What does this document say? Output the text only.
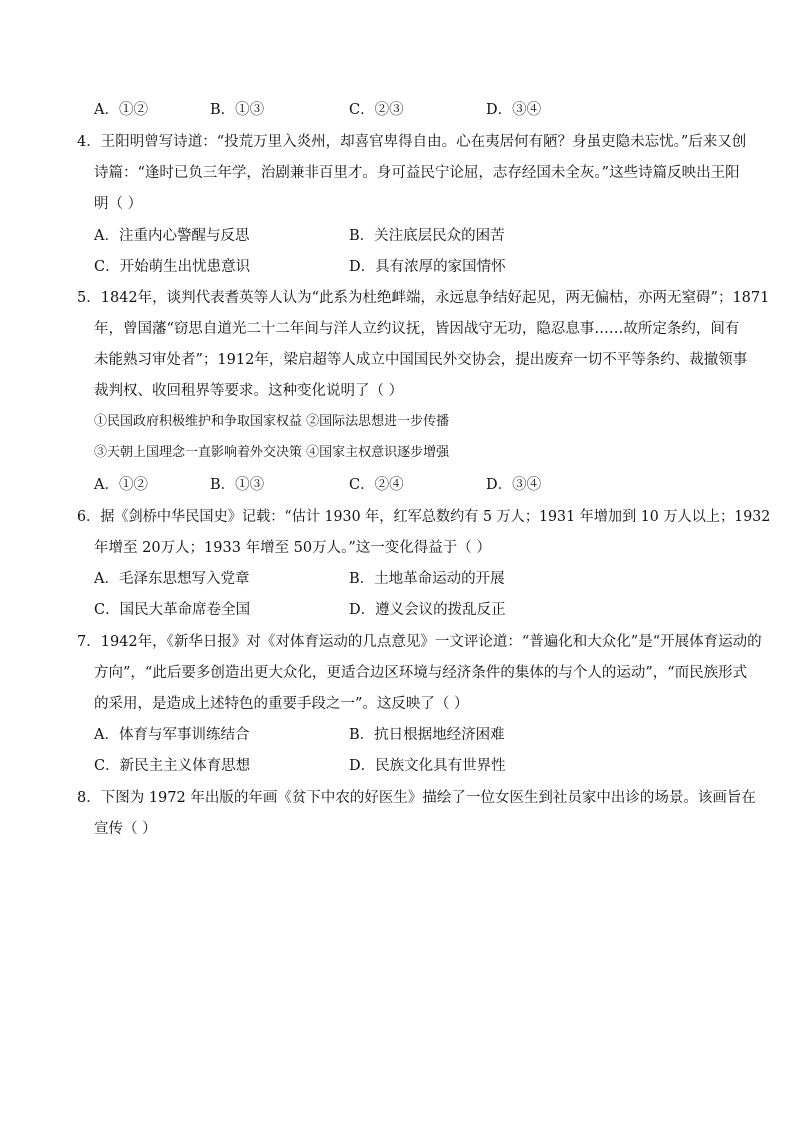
A．①②	B．①③	C．②③	D．③④
4．王阳明曾写诗道：“投荒万里入炎州，却喜官卑得自由。心在夷居何有陋？身虽吏隐未忘忧。”后来又创
诗篇：“逢时已负三年学，治剧兼非百里才。身可益民宁论屈，志存经国未全灰。”这些诗篇反映出王阳
明（ ）
A．注重内心警醒与反思	B．关注底层民众的困苦
C．开始萌生出忧患意识	D．具有浓厚的家国情怀
5．1842年，谈判代表耆英等人认为“此系为杜绝衅端，永远息争结好起见，两无偏枯，亦两无窒碍”；1871
年，曾国藩“窃思自道光二十二年间与洋人立约议抚，皆因战守无功，隐忍息事……故所定条约，间有
未能熟习审处者”；1912年，梁启超等人成立中国国民外交协会，提出废弃一切不平等条约、裁撤领事
裁判权、收回租界等要求。这种变化说明了（ ）
①民国政府积极维护和争取国家权益 ②国际法思想进一步传播
③天朝上国理念一直影响着外交决策 ④国家主权意识逐步增强
A．①②	B．①③	C．②④	D．③④
6．据《剑桥中华民国史》记载：“估计 1930 年，红军总数约有 5 万人；1931 年增加到 10 万人以上；1932
年增至 20万人；1933 年增至 50万人。”这一变化得益于（ ）
A．毛泽东思想写入党章	B．土地革命运动的开展
C．国民大革命席卷全国	D．遵义会议的拨乱反正
7．1942年，《新华日报》对《对体育运动的几点意见》一文评论道：“普遍化和大众化”是“开展体育运动的
方向”，“此后要多创造出更大众化，更适合边区环境与经济条件的集体的与个人的运动”，“而民族形式
的采用，是造成上述特色的重要手段之一”。这反映了（ ）
A．体育与军事训练结合	B．抗日根据地经济困难
C．新民主主义体育思想	D．民族文化具有世界性
8．下图为 1972 年出版的年画《贫下中农的好医生》描绘了一位女医生到社员家中出诊的场景。该画旨在
宣传（ ）
